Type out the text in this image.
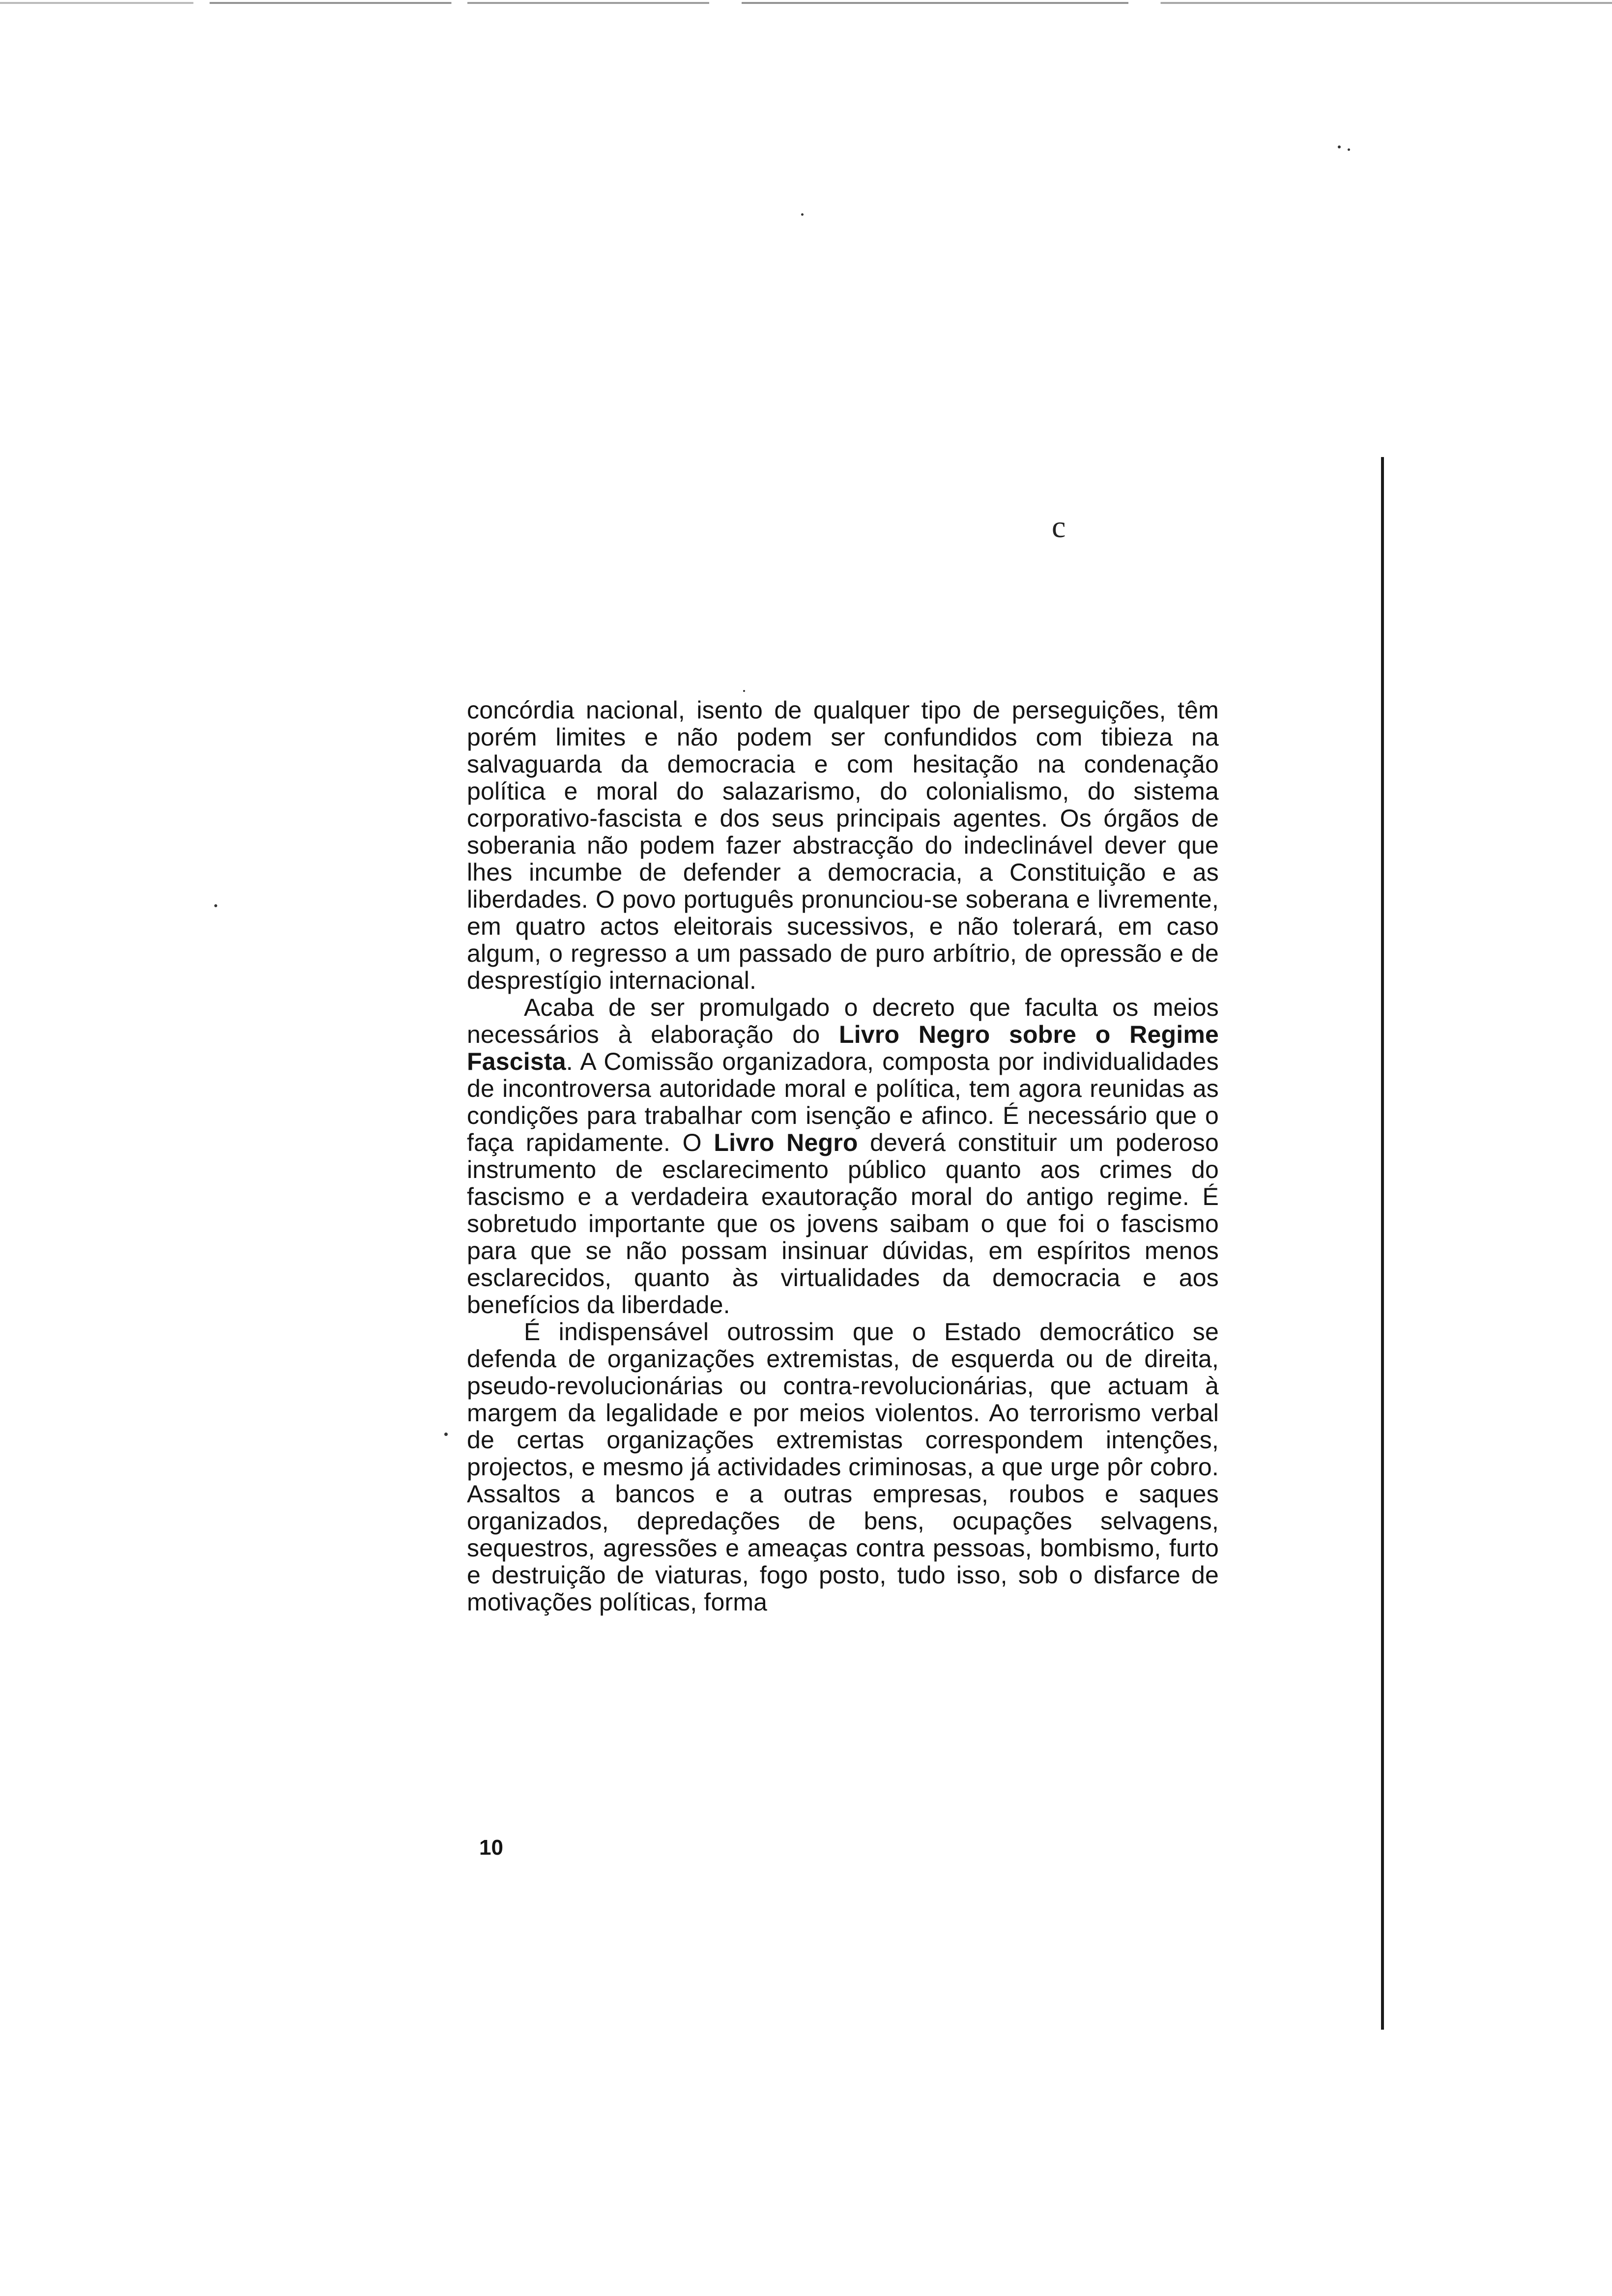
c

concórdia nacional, isento de qualquer tipo de perseguições, têm porém limites e não podem ser confundidos com tibieza na salvaguarda da democracia e com hesitação na condenação política e moral do salazarismo, do colonialismo, do sistema corporativo-fascista e dos seus principais agentes. Os órgãos de soberania não podem fazer abstracção do indeclinável dever que lhes incumbe de defender a democracia, a Constituição e as liberdades. O povo português pronunciou-se soberana e livremente, em quatro actos eleitorais sucessivos, e não tolerará, em caso algum, o regresso a um passado de puro arbítrio, de opressão e de desprestígio internacional.

Acaba de ser promulgado o decreto que faculta os meios necessários à elaboração do Livro Negro sobre o Regime Fascista. A Comissão organizadora, composta por individualidades de incontroversa autoridade moral e política, tem agora reunidas as condições para trabalhar com isenção e afinco. É necessário que o faça rapidamente. O Livro Negro deverá constituir um poderoso instrumento de esclarecimento público quanto aos crimes do fascismo e a verdadeira exautoração moral do antigo regime. É sobretudo importante que os jovens saibam o que foi o fascismo para que se não possam insinuar dúvidas, em espíritos menos esclarecidos, quanto às virtualidades da democracia e aos benefícios da liberdade.

É indispensável outrossim que o Estado democrático se defenda de organizações extremistas, de esquerda ou de direita, pseudo-revolucionárias ou contra-revolucionárias, que actuam à margem da legalidade e por meios violentos. Ao terrorismo verbal de certas organizações extremistas correspondem intenções, projectos, e mesmo já actividades criminosas, a que urge pôr cobro. Assaltos a bancos e a outras empresas, roubos e saques organizados, depredações de bens, ocupações selvagens, sequestros, agressões e ameaças contra pessoas, bombismo, furto e destruição de viaturas, fogo posto, tudo isso, sob o disfarce de motivações políticas, forma

10
